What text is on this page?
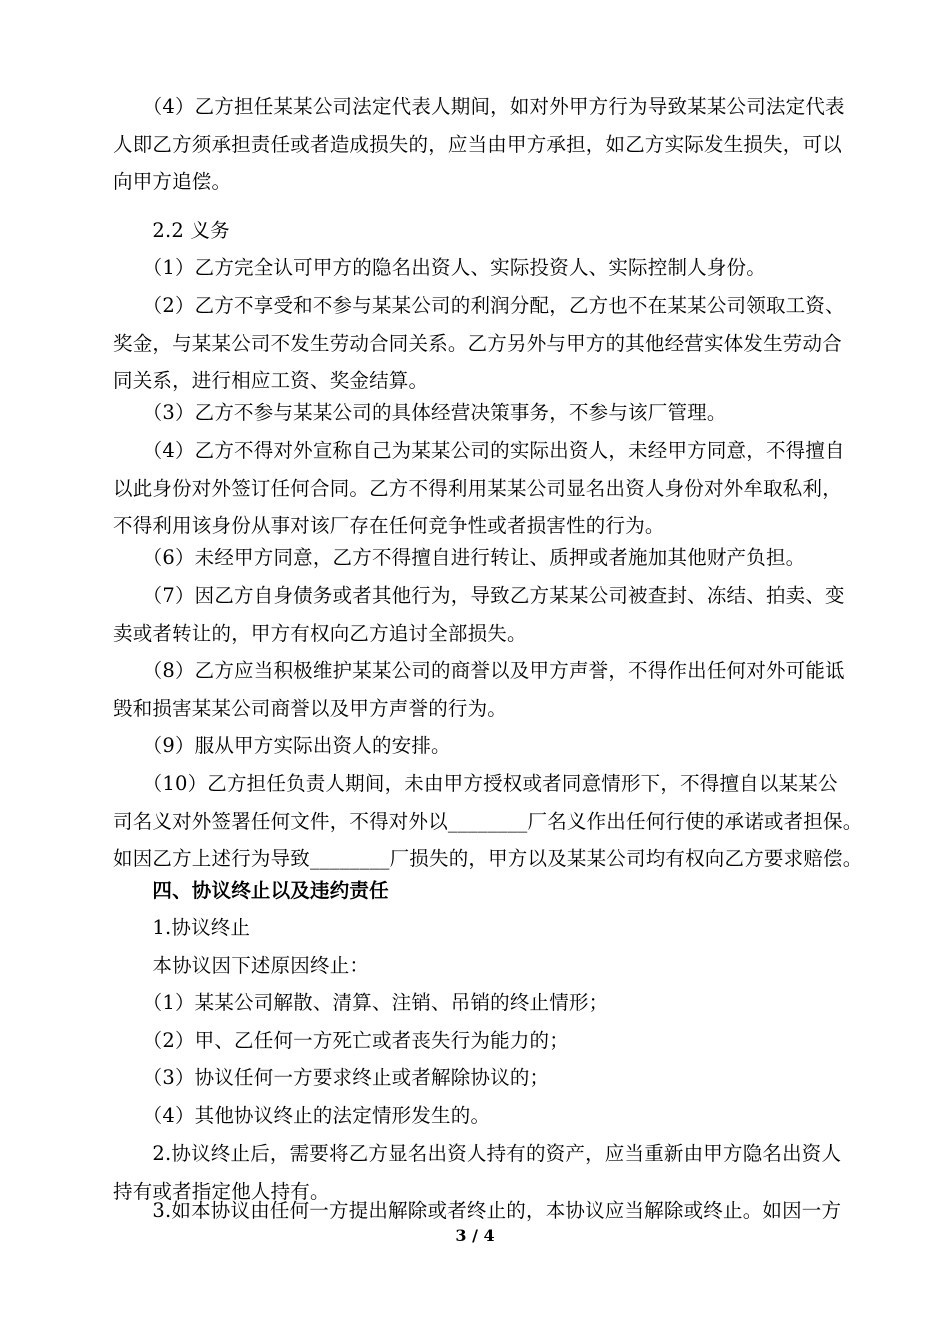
　　（4）乙方担任某某公司法定代表人期间，如对外甲方行为导致某某公司法定代表
人即乙方须承担责任或者造成损失的，应当由甲方承担，如乙方实际发生损失，可以
向甲方追偿。
　　2.2 义务
　　（1）乙方完全认可甲方的隐名出资人、实际投资人、实际控制人身份。
　　（2）乙方不享受和不参与某某公司的利润分配，乙方也不在某某公司领取工资、
奖金，与某某公司不发生劳动合同关系。乙方另外与甲方的其他经营实体发生劳动合
同关系，进行相应工资、奖金结算。
　　（3）乙方不参与某某公司的具体经营决策事务，不参与该厂管理。
　　（4）乙方不得对外宣称自己为某某公司的实际出资人，未经甲方同意，不得擅自
以此身份对外签订任何合同。乙方不得利用某某公司显名出资人身份对外牟取私利，
不得利用该身份从事对该厂存在任何竞争性或者损害性的行为。
　　（6）未经甲方同意，乙方不得擅自进行转让、质押或者施加其他财产负担。
　　（7）因乙方自身债务或者其他行为，导致乙方某某公司被查封、冻结、拍卖、变
卖或者转让的，甲方有权向乙方追讨全部损失。
　　（8）乙方应当积极维护某某公司的商誉以及甲方声誉，不得作出任何对外可能诋
毁和损害某某公司商誉以及甲方声誉的行为。
　　（9）服从甲方实际出资人的安排。
　　（10）乙方担任负责人期间，未由甲方授权或者同意情形下，不得擅自以某某公
司名义对外签署任何文件，不得对外以________厂名义作出任何行使的承诺或者担保。
如因乙方上述行为导致________厂损失的，甲方以及某某公司均有权向乙方要求赔偿。
　　四、协议终止以及违约责任
　　1.协议终止
　　本协议因下述原因终止：
　　（1）某某公司解散、清算、注销、吊销的终止情形；
　　（2）甲、乙任何一方死亡或者丧失行为能力的；
　　（3）协议任何一方要求终止或者解除协议的；
　　（4）其他协议终止的法定情形发生的。
　　2.协议终止后，需要将乙方显名出资人持有的资产，应当重新由甲方隐名出资人
持有或者指定他人持有。
　　3.如本协议由任何一方提出解除或者终止的，本协议应当解除或终止。如因一方
3 / 4
